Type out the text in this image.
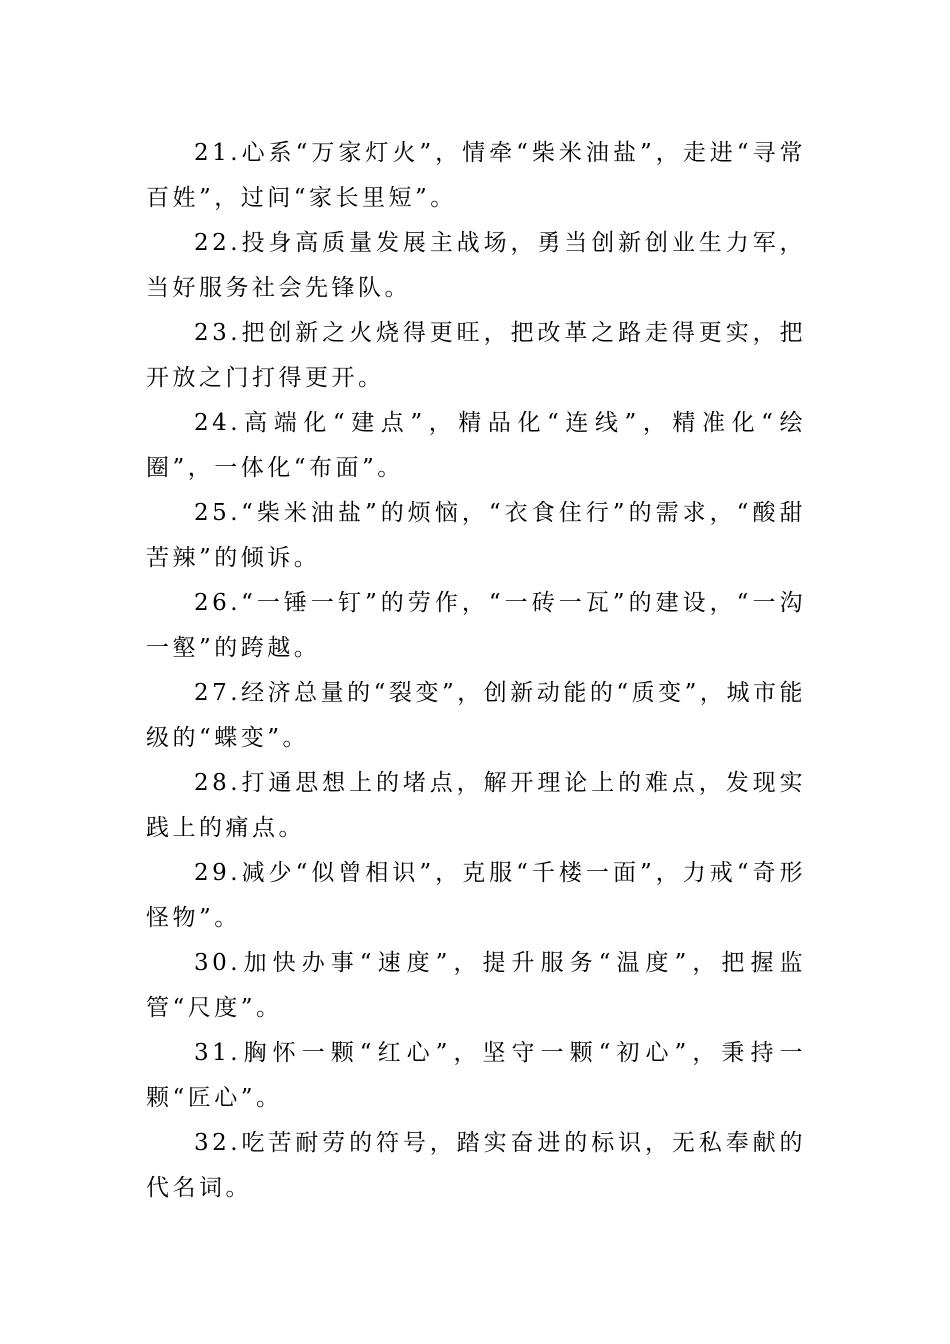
21.心系“万家灯火”，情牵“柴米油盐”，走进“寻常百姓”，过问“家长里短”。

22.投身高质量发展主战场，勇当创新创业生力军，当好服务社会先锋队。

23.把创新之火烧得更旺，把改革之路走得更实，把开放之门打得更开。

24.高端化“建点”，精品化“连线”，精准化“绘圈”，一体化“布面”。

25.“柴米油盐”的烦恼，“衣食住行”的需求，“酸甜苦辣”的倾诉。

26.“一锤一钉”的劳作，“一砖一瓦”的建设，“一沟一壑”的跨越。

27.经济总量的“裂变”，创新动能的“质变”，城市能级的“蝶变”。

28.打通思想上的堵点，解开理论上的难点，发现实践上的痛点。

29.减少“似曾相识”，克服“千楼一面”，力戒“奇形怪物”。

30.加快办事“速度”，提升服务“温度”，把握监管“尺度”。

31.胸怀一颗“红心”，坚守一颗“初心”，秉持一颗“匠心”。

32.吃苦耐劳的符号，踏实奋进的标识，无私奉献的代名词。
